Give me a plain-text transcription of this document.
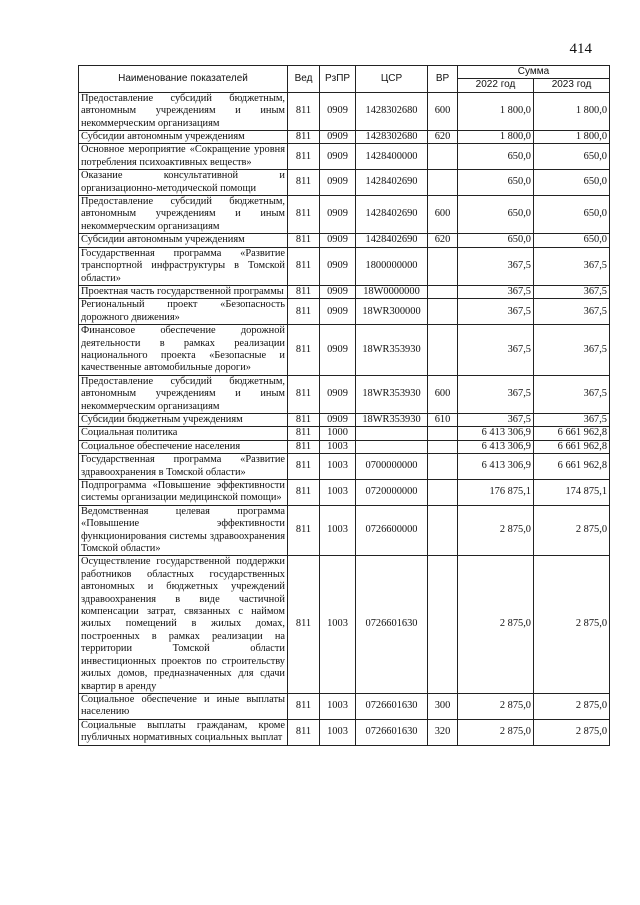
414
Наименование показателей	Вед	РзПР	ЦСР	ВР	Сумма	
					2022 год	2023 год
Предоставление субсидий бюджетным, автономным учреждениям и иным некоммерческим организациям	811	0909	1428302680	600	1 800,0	1 800,0
Субсидии автономным учреждениям	811	0909	1428302680	620	1 800,0	1 800,0
Основное мероприятие «Сокращение уровня потребления психоактивных веществ»	811	0909	1428400000		650,0	650,0
Оказание консультативной и организационно-методической помощи	811	0909	1428402690		650,0	650,0
Предоставление субсидий бюджетным, автономным учреждениям и иным некоммерческим организациям	811	0909	1428402690	600	650,0	650,0
Субсидии автономным учреждениям	811	0909	1428402690	620	650,0	650,0
Государственная программа «Развитие транспортной инфраструктуры в Томской области»	811	0909	1800000000		367,5	367,5
Проектная часть государственной программы	811	0909	18W0000000		367,5	367,5
Региональный проект «Безопасность дорожного движения»	811	0909	18WR300000		367,5	367,5
Финансовое обеспечение дорожной деятельности в рамках реализации национального проекта «Безопасные и качественные автомобильные дороги»	811	0909	18WR353930		367,5	367,5
Предоставление субсидий бюджетным, автономным учреждениям и иным некоммерческим организациям	811	0909	18WR353930	600	367,5	367,5
Субсидии бюджетным учреждениям	811	0909	18WR353930	610	367,5	367,5
Социальная политика	811	1000			6 413 306,9	6 661 962,8
Социальное обеспечение населения	811	1003			6 413 306,9	6 661 962,8
Государственная программа «Развитие здравоохранения в Томской области»	811	1003	0700000000		6 413 306,9	6 661 962,8
Подпрограмма «Повышение эффективности системы организации медицинской помощи»	811	1003	0720000000		176 875,1	174 875,1
Ведомственная целевая программа «Повышение эффективности функционирования системы здравоохранения Томской области»	811	1003	0726600000		2 875,0	2 875,0
Осуществление государственной поддержки работников областных государственных автономных и бюджетных учреждений здравоохранения в виде частичной компенсации затрат, связанных с наймом жилых помещений в жилых домах, построенных в рамках реализации на территории Томской области инвестиционных проектов по строительству жилых домов, предназначенных для сдачи квартир в аренду	811	1003	0726601630		2 875,0	2 875,0
Социальное обеспечение и иные выплаты населению	811	1003	0726601630	300	2 875,0	2 875,0
Социальные выплаты гражданам, кроме публичных нормативных социальных выплат	811	1003	0726601630	320	2 875,0	2 875,0
